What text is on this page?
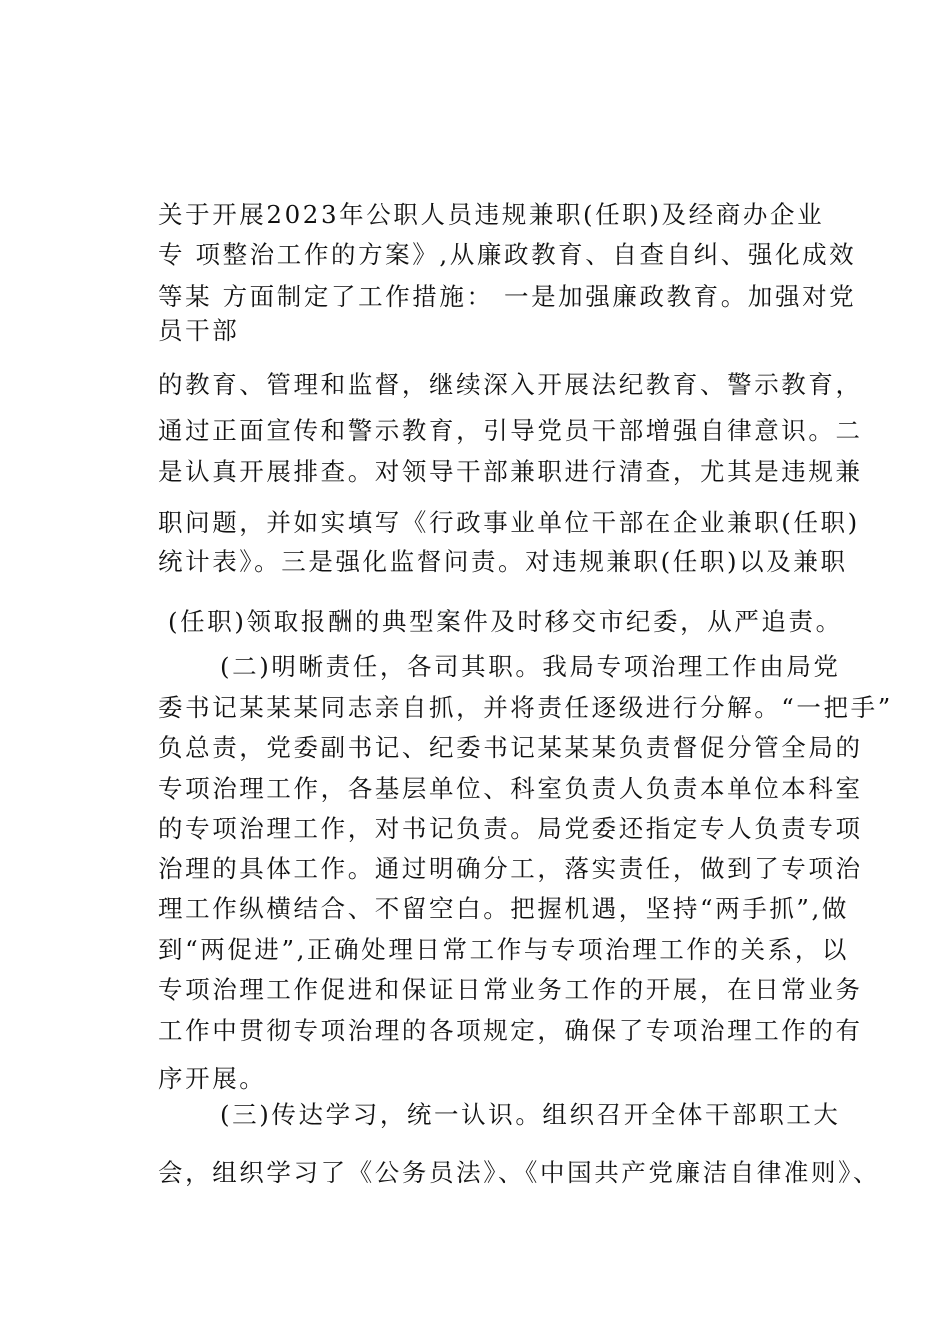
关于开展2023年公职人员违规兼职(任职)及经商办企业
专 项整治工作的方案》,从廉政教育、自查自纠、强化成效
等某 方面制定了工作措施： 一是加强廉政教育。加强对党
员干部
的教育、管理和监督，继续深入开展法纪教育、警示教育，
通过正面宣传和警示教育，引导党员干部增强自律意识。二
是认真开展排查。对领导干部兼职进行清查，尤其是违规兼
职问题，并如实填写《行政事业单位干部在企业兼职(任职)
统计表》。三是强化监督问责。对违规兼职(任职)以及兼职
(任职)领取报酬的典型案件及时移交市纪委，从严追责。
(二)明晰责任，各司其职。我局专项治理工作由局党
委书记某某某同志亲自抓，并将责任逐级进行分解。“一把手”
负总责，党委副书记、纪委书记某某某负责督促分管全局的
专项治理工作，各基层单位、科室负责人负责本单位本科室
的专项治理工作，对书记负责。局党委还指定专人负责专项
治理的具体工作。通过明确分工，落实责任，做到了专项治
理工作纵横结合、不留空白。把握机遇，坚持“两手抓”,做
到“两促进”,正确处理日常工作与专项治理工作的关系，以
专项治理工作促进和保证日常业务工作的开展，在日常业务
工作中贯彻专项治理的各项规定，确保了专项治理工作的有
序开展。
(三)传达学习，统一认识。组织召开全体干部职工大
会，组织学习了《公务员法》、《中国共产党廉洁自律准则》、
